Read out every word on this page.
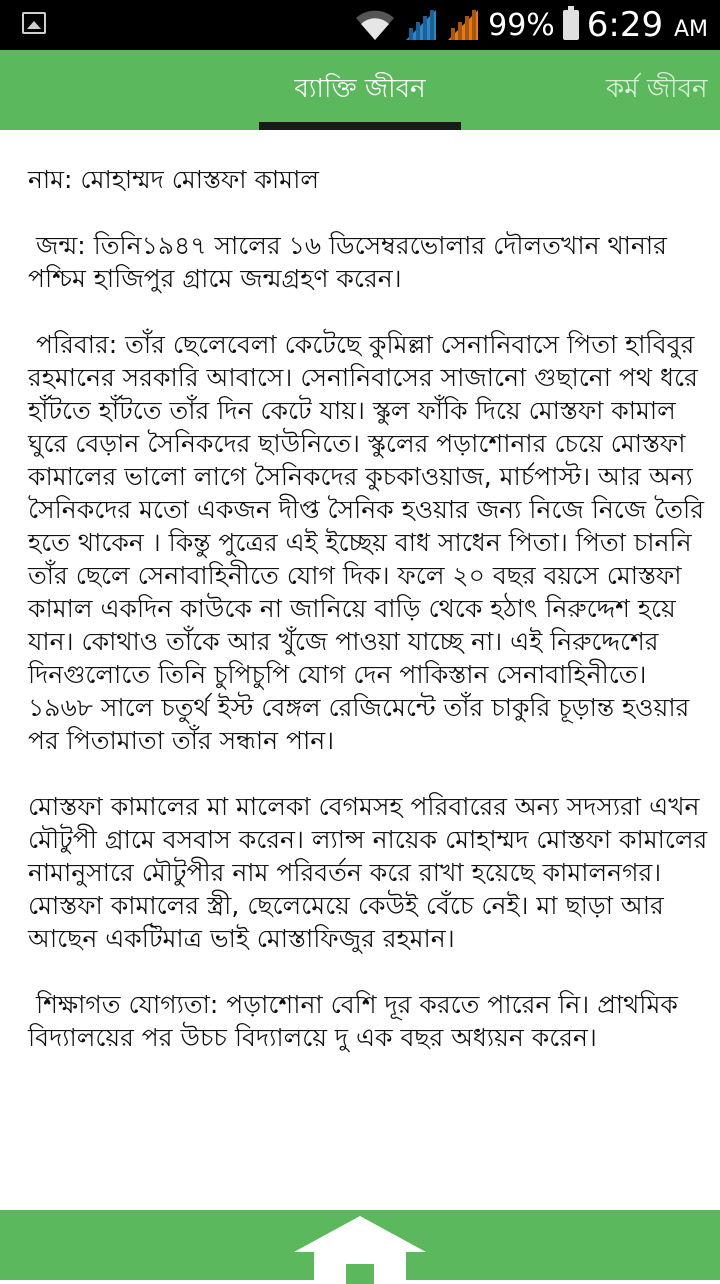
99% 6:29 AM
ব্যাক্তি জীবন	কর্ম জীবন

নাম: মোহাম্মদ মোস্তফা কামাল

জন্ম: তিনি১৯৪৭ সালের ১৬ ডিসেম্বরভোলার দৌলতখান থানার পশ্চিম হাজিপুর গ্রামে জন্মগ্রহণ করেন।

পরিবার: তাঁর ছেলেবেলা কেটেছে কুমিল্লা সেনানিবাসে পিতা হাবিবুর রহমানের সরকারি আবাসে। সেনানিবাসের সাজানো গুছানো পথ ধরে হাঁটতে হাঁটতে তাঁর দিন কেটে যায়। স্কুল ফাঁকি দিয়ে মোস্তফা কামাল ঘুরে বেড়ান সৈনিকদের ছাউনিতে। স্কুলের পড়াশোনার চেয়ে মোস্তফা কামালের ভালো লাগে সৈনিকদের কুচকাওয়াজ, মার্চপাস্ট। আর অন্য সৈনিকদের মতো একজন দীপ্ত সৈনিক হওয়ার জন্য নিজে নিজে তৈরি হতে থাকেন । কিন্তু পুত্রের এই ইচ্ছেয় বাধ সাধেন পিতা। পিতা চাননি তাঁর ছেলে সেনাবাহিনীতে যোগ দিক। ফলে ২০ বছর বয়সে মোস্তফা কামাল একদিন কাউকে না জানিয়ে বাড়ি থেকে হঠাৎ নিরুদ্দেশ হয়ে যান। কোথাও তাঁকে আর খুঁজে পাওয়া যাচ্ছে না। এই নিরুদ্দেশের দিনগুলোতে তিনি চুপিচুপি যোগ দেন পাকিস্তান সেনাবাহিনীতে। ১৯৬৮ সালে চতুর্থ ইস্ট বেঙ্গল রেজিমেন্টে তাঁর চাকুরি চূড়ান্ত হওয়ার পর পিতামাতা তাঁর সন্ধান পান।

মোস্তফা কামালের মা মালেকা বেগমসহ পরিবারের অন্য সদস্যরা এখন মৌটুপী গ্রামে বসবাস করেন। ল্যান্স নায়েক মোহাম্মদ মোস্তফা কামালের নামানুসারে মৌটুপীর নাম পরিবর্তন করে রাখা হয়েছে কামালনগর। মোস্তফা কামালের স্ত্রী, ছেলেমেয়ে কেউই বেঁচে নেই। মা ছাড়া আর আছেন একটিমাত্র ভাই মোস্তাফিজুর রহমান।

শিক্ষাগত যোগ্যতা: পড়াশোনা বেশি দূর করতে পারেন নি। প্রাথমিক বিদ্যালয়ের পর উচচ বিদ্যালয়ে দু এক বছর অধ্যয়ন করেন।
